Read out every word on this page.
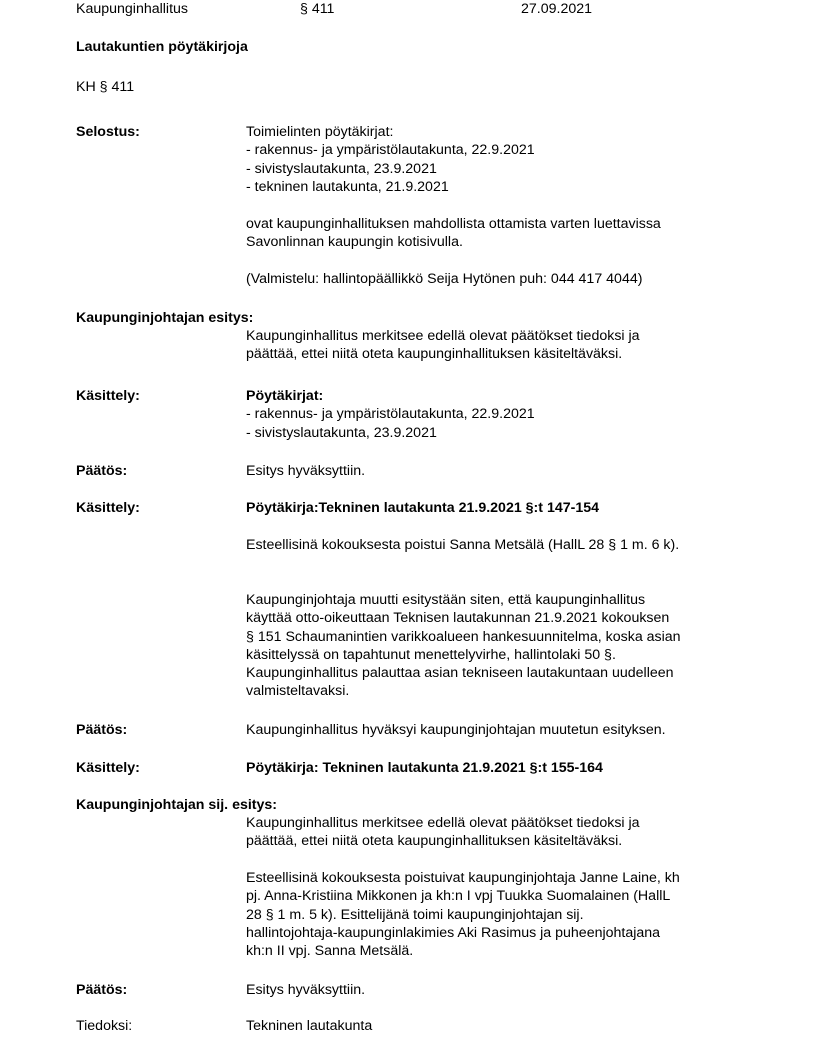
Kaupunginhallitus	§ 411	27.09.2021
Lautakuntien pöytäkirjoja
KH § 411
Selostus:	Toimielinten pöytäkirjat:
- rakennus- ja ympäristölautakunta, 22.9.2021
- sivistyslautakunta, 23.9.2021
- tekninen lautakunta, 21.9.2021
ovat kaupunginhallituksen mahdollista ottamista varten luettavissa
Savonlinnan kaupungin kotisivulla.
(Valmistelu: hallintopäällikkö Seija Hytönen puh: 044 417 4044)
Kaupunginjohtajan esitys:
Kaupunginhallitus merkitsee edellä olevat päätökset tiedoksi ja
päättää, ettei niitä oteta kaupunginhallituksen käsiteltäväksi.
Käsittely:	Pöytäkirjat:
- rakennus- ja ympäristölautakunta, 22.9.2021
- sivistyslautakunta, 23.9.2021
Päätös:	Esitys hyväksyttiin.
Käsittely:	Pöytäkirja:Tekninen lautakunta 21.9.2021 §:t 147-154
Esteellisinä kokouksesta poistui Sanna Metsälä (HallL 28 § 1 m. 6 k).
Kaupunginjohtaja muutti esitystään siten, että kaupunginhallitus
käyttää otto-oikeuttaan Teknisen lautakunnan 21.9.2021 kokouksen
§ 151 Schaumanintien varikkoalueen hankesuunnitelma, koska asian
käsittelyssä on tapahtunut menettelyvirhe, hallintolaki 50 §.
Kaupunginhallitus palauttaa asian tekniseen lautakuntaan uudelleen
valmisteltavaksi.
Päätös:	Kaupunginhallitus hyväksyi kaupunginjohtajan muutetun esityksen.
Käsittely:	Pöytäkirja: Tekninen lautakunta 21.9.2021 §:t 155-164
Kaupunginjohtajan sij. esitys:
Kaupunginhallitus merkitsee edellä olevat päätökset tiedoksi ja
päättää, ettei niitä oteta kaupunginhallituksen käsiteltäväksi.
Esteellisinä kokouksesta poistuivat kaupunginjohtaja Janne Laine, kh
pj. Anna-Kristiina Mikkonen ja kh:n I vpj Tuukka Suomalainen (HallL
28 § 1 m. 5 k). Esittelijänä toimi kaupunginjohtajan sij.
hallintojohtaja-kaupunginlakimies Aki Rasimus ja puheenjohtajana
kh:n II vpj. Sanna Metsälä.
Päätös:	Esitys hyväksyttiin.
Tiedoksi:	Tekninen lautakunta
